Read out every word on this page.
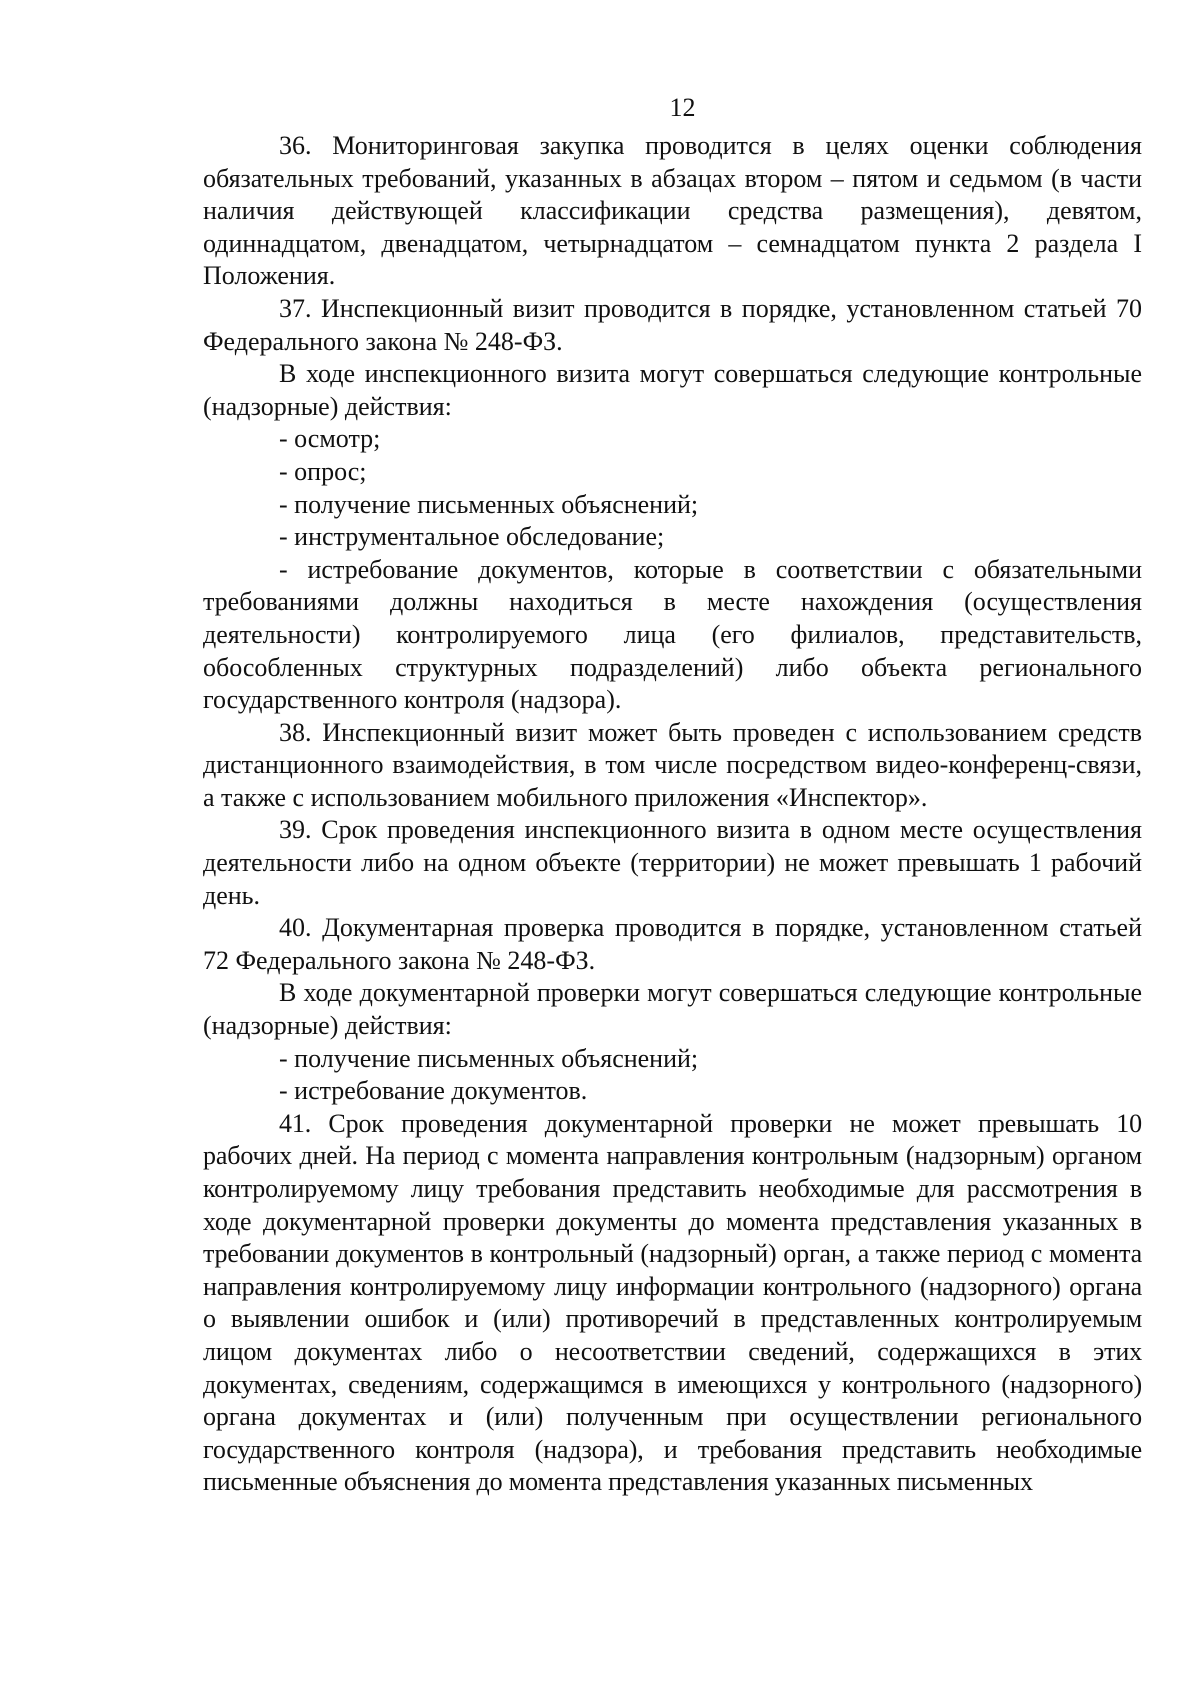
12

36. Мониторинговая закупка проводится в целях оценки соблюдения обязательных требований, указанных в абзацах втором – пятом и седьмом (в части наличия действующей классификации средства размещения), девятом, одиннадцатом, двенадцатом, четырнадцатом – семнадцатом пункта 2 раздела I Положения.

37. Инспекционный визит проводится в порядке, установленном статьей 70 Федерального закона № 248-ФЗ.

В ходе инспекционного визита могут совершаться следующие контрольные (надзорные) действия:

- осмотр;

- опрос;

- получение письменных объяснений;

- инструментальное обследование;

- истребование документов, которые в соответствии с обязательными требованиями должны находиться в месте нахождения (осуществления деятельности) контролируемого лица (его филиалов, представительств, обособленных структурных подразделений) либо объекта регионального государственного контроля (надзора).

38. Инспекционный визит может быть проведен с использованием средств дистанционного взаимодействия, в том числе посредством видео-конференц-связи, а также с использованием мобильного приложения «Инспектор».

39. Срок проведения инспекционного визита в одном месте осуществления деятельности либо на одном объекте (территории) не может превышать 1 рабочий день.

40. Документарная проверка проводится в порядке, установленном статьей 72 Федерального закона № 248-ФЗ.

В ходе документарной проверки могут совершаться следующие контрольные (надзорные) действия:

- получение письменных объяснений;

- истребование документов.

41. Срок проведения документарной проверки не может превышать 10 рабочих дней. На период с момента направления контрольным (надзорным) органом контролируемому лицу требования представить необходимые для рассмотрения в ходе документарной проверки документы до момента представления указанных в требовании документов в контрольный (надзорный) орган, а также период с момента направления контролируемому лицу информации контрольного (надзорного) органа о выявлении ошибок и (или) противоречий в представленных контролируемым лицом документах либо о несоответствии сведений, содержащихся в этих документах, сведениям, содержащимся в имеющихся у контрольного (надзорного) органа документах и (или) полученным при осуществлении регионального государственного контроля (надзора), и требования представить необходимые письменные объяснения до момента представления указанных письменных
